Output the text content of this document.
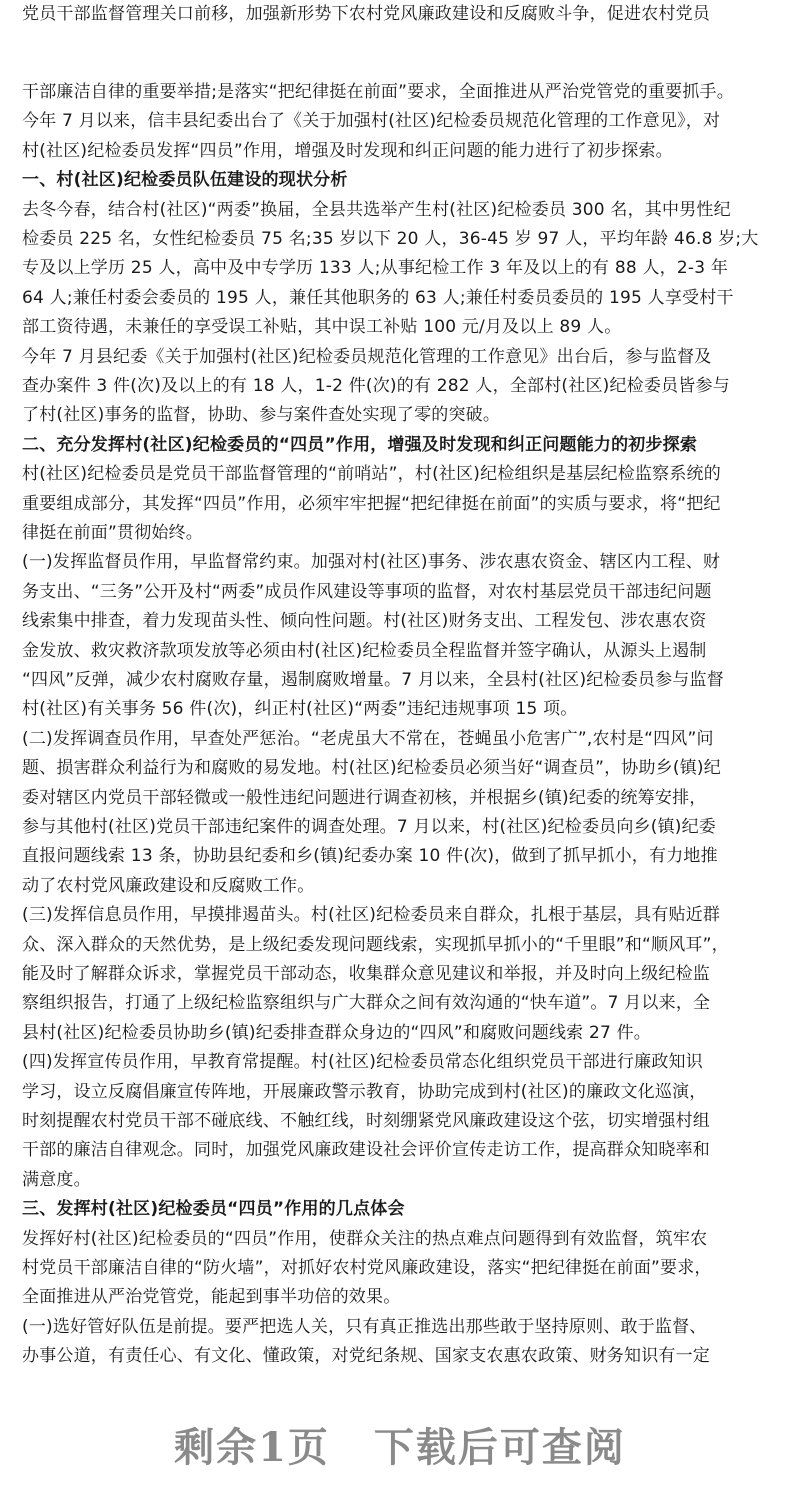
党员干部监督管理关口前移，加强新形势下农村党风廉政建设和反腐败斗争，促进农村党员
干部廉洁自律的重要举措;是落实“把纪律挺在前面”要求，全面推进从严治党管党的重要抓手。
今年 7 月以来，信丰县纪委出台了《关于加强村(社区)纪检委员规范化管理的工作意见》，对
村(社区)纪检委员发挥“四员”作用，增强及时发现和纠正问题的能力进行了初步探索。
一、村(社区)纪检委员队伍建设的现状分析
去冬今春，结合村(社区)“两委”换届，全县共选举产生村(社区)纪检委员 300 名，其中男性纪
检委员 225 名，女性纪检委员 75 名;35 岁以下 20 人，36-45 岁 97 人，平均年龄 46.8 岁;大
专及以上学历 25 人，高中及中专学历 133 人;从事纪检工作 3 年及以上的有 88 人，2-3 年
64 人;兼任村委会委员的 195 人，兼任其他职务的 63 人;兼任村委员委员的 195 人享受村干
部工资待遇，未兼任的享受误工补贴，其中误工补贴 100 元/月及以上 89 人。
今年 7 月县纪委《关于加强村(社区)纪检委员规范化管理的工作意见》出台后，参与监督及
查办案件 3 件(次)及以上的有 18 人，1-2 件(次)的有 282 人，全部村(社区)纪检委员皆参与
了村(社区)事务的监督，协助、参与案件查处实现了零的突破。
二、充分发挥村(社区)纪检委员的“四员”作用，增强及时发现和纠正问题能力的初步探索
村(社区)纪检委员是党员干部监督管理的“前哨站”，村(社区)纪检组织是基层纪检监察系统的
重要组成部分，其发挥“四员”作用，必须牢牢把握“把纪律挺在前面”的实质与要求，将“把纪
律挺在前面”贯彻始终。
(一)发挥监督员作用，早监督常约束。加强对村(社区)事务、涉农惠农资金、辖区内工程、财
务支出、“三务”公开及村“两委”成员作风建设等事项的监督，对农村基层党员干部违纪问题
线索集中排查，着力发现苗头性、倾向性问题。村(社区)财务支出、工程发包、涉农惠农资
金发放、救灾救济款项发放等必须由村(社区)纪检委员全程监督并签字确认，从源头上遏制
“四风”反弹，减少农村腐败存量，遏制腐败增量。7 月以来，全县村(社区)纪检委员参与监督
村(社区)有关事务 56 件(次)，纠正村(社区)“两委”违纪违规事项 15 项。
(二)发挥调查员作用，早查处严惩治。“老虎虽大不常在，苍蝇虽小危害广”,农村是“四风”问
题、损害群众利益行为和腐败的易发地。村(社区)纪检委员必须当好“调查员”，协助乡(镇)纪
委对辖区内党员干部轻微或一般性违纪问题进行调查初核，并根据乡(镇)纪委的统筹安排，
参与其他村(社区)党员干部违纪案件的调查处理。7 月以来，村(社区)纪检委员向乡(镇)纪委
直报问题线索 13 条，协助县纪委和乡(镇)纪委办案 10 件(次)，做到了抓早抓小，有力地推
动了农村党风廉政建设和反腐败工作。
(三)发挥信息员作用，早摸排遏苗头。村(社区)纪检委员来自群众，扎根于基层，具有贴近群
众、深入群众的天然优势，是上级纪委发现问题线索，实现抓早抓小的“千里眼”和“顺风耳”，
能及时了解群众诉求，掌握党员干部动态，收集群众意见建议和举报，并及时向上级纪检监
察组织报告，打通了上级纪检监察组织与广大群众之间有效沟通的“快车道”。7 月以来，全
县村(社区)纪检委员协助乡(镇)纪委排查群众身边的“四风”和腐败问题线索 27 件。
(四)发挥宣传员作用，早教育常提醒。村(社区)纪检委员常态化组织党员干部进行廉政知识
学习，设立反腐倡廉宣传阵地，开展廉政警示教育，协助完成到村(社区)的廉政文化巡演，
时刻提醒农村党员干部不碰底线、不触红线，时刻绷紧党风廉政建设这个弦，切实增强村组
干部的廉洁自律观念。同时，加强党风廉政建设社会评价宣传走访工作，提高群众知晓率和
满意度。
三、发挥村(社区)纪检委员“四员”作用的几点体会
发挥好村(社区)纪检委员的“四员”作用，使群众关注的热点难点问题得到有效监督，筑牢农
村党员干部廉洁自律的“防火墙”，对抓好农村党风廉政建设，落实“把纪律挺在前面”要求，
全面推进从严治党管党，能起到事半功倍的效果。
(一)选好管好队伍是前提。要严把选人关，只有真正推选出那些敢于坚持原则、敢于监督、
办事公道，有责任心、有文化、懂政策，对党纪条规、国家支农惠农政策、财务知识有一定
剩余1页 下载后可查阅
